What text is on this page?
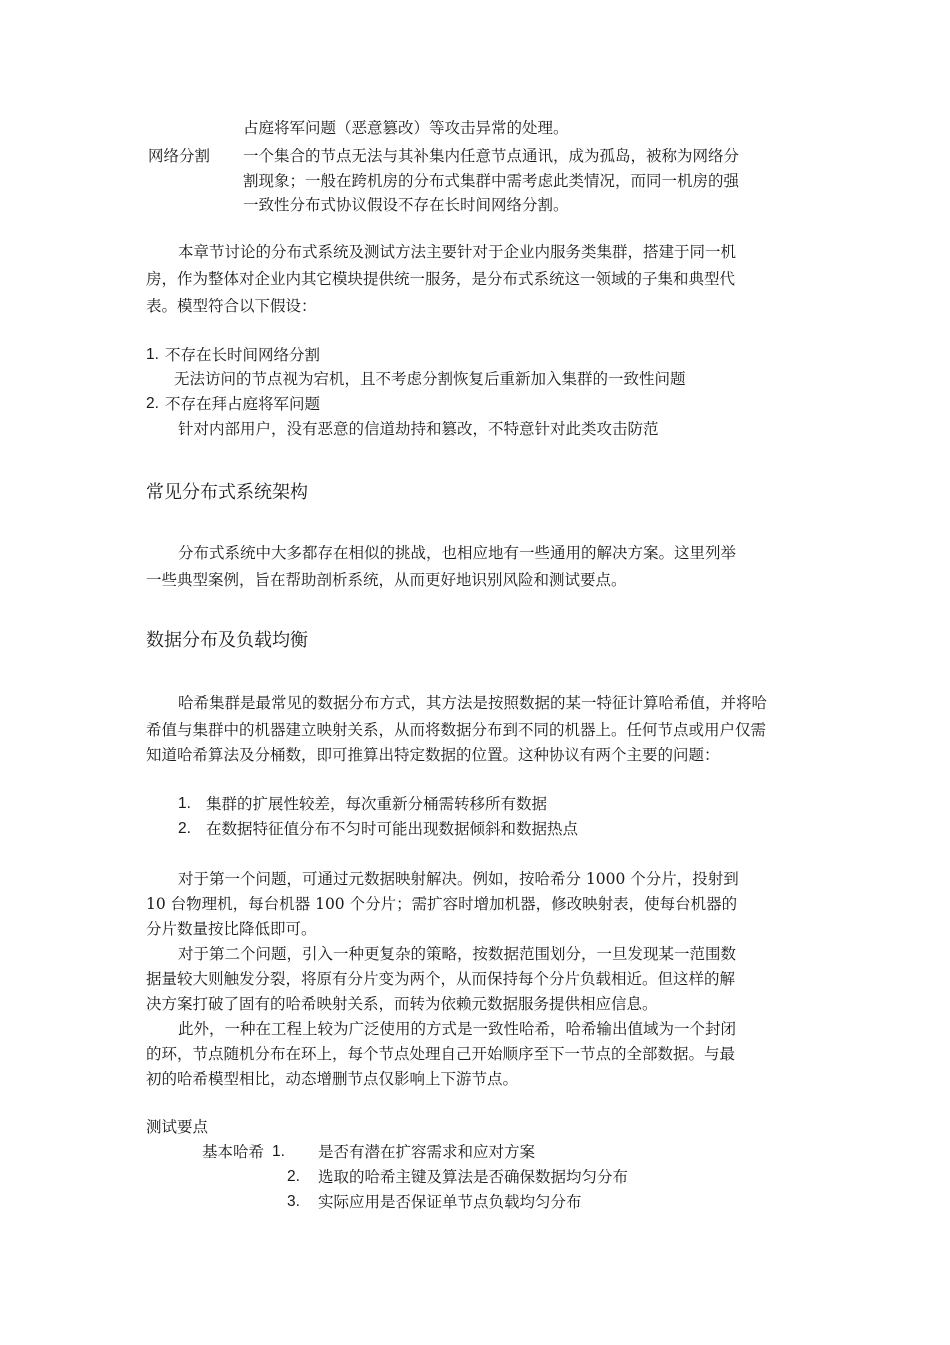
占庭将军问题（恶意篡改）等攻击异常的处理。
网络分割 一个集合的节点无法与其补集内任意节点通讯，成为孤岛，被称为网络分
割现象；一般在跨机房的分布式集群中需考虑此类情况，而同一机房的强
一致性分布式协议假设不存在长时间网络分割。
本章节讨论的分布式系统及测试方法主要针对于企业内服务类集群，搭建于同一机
房，作为整体对企业内其它模块提供统一服务，是分布式系统这一领域的子集和典型代
表。模型符合以下假设：
1. 不存在长时间网络分割
无法访问的节点视为宕机，且不考虑分割恢复后重新加入集群的一致性问题
2. 不存在拜占庭将军问题
针对内部用户，没有恶意的信道劫持和篡改，不特意针对此类攻击防范
常见分布式系统架构
分布式系统中大多都存在相似的挑战，也相应地有一些通用的解决方案。这里列举
一些典型案例，旨在帮助剖析系统，从而更好地识别风险和测试要点。
数据分布及负载均衡
哈希集群是最常见的数据分布方式，其方法是按照数据的某一特征计算哈希值，并将哈
希值与集群中的机器建立映射关系，从而将数据分布到不同的机器上。任何节点或用户仅需
知道哈希算法及分桶数，即可推算出特定数据的位置。这种协议有两个主要的问题：
1. 集群的扩展性较差，每次重新分桶需转移所有数据
2. 在数据特征值分布不匀时可能出现数据倾斜和数据热点
对于第一个问题，可通过元数据映射解决。例如，按哈希分 1000 个分片，投射到
10 台物理机，每台机器 100 个分片；需扩容时增加机器，修改映射表，使每台机器的
分片数量按比降低即可。
对于第二个问题，引入一种更复杂的策略，按数据范围划分，一旦发现某一范围数
据量较大则触发分裂，将原有分片变为两个，从而保持每个分片负载相近。但这样的解
决方案打破了固有的哈希映射关系，而转为依赖元数据服务提供相应信息。
此外，一种在工程上较为广泛使用的方式是一致性哈希，哈希输出值域为一个封闭
的环，节点随机分布在环上，每个节点处理自己开始顺序至下一节点的全部数据。与最
初的哈希模型相比，动态增删节点仅影响上下游节点。
测试要点
基本哈希 1. 是否有潜在扩容需求和应对方案
2. 选取的哈希主键及算法是否确保数据均匀分布
3. 实际应用是否保证单节点负载均匀分布
